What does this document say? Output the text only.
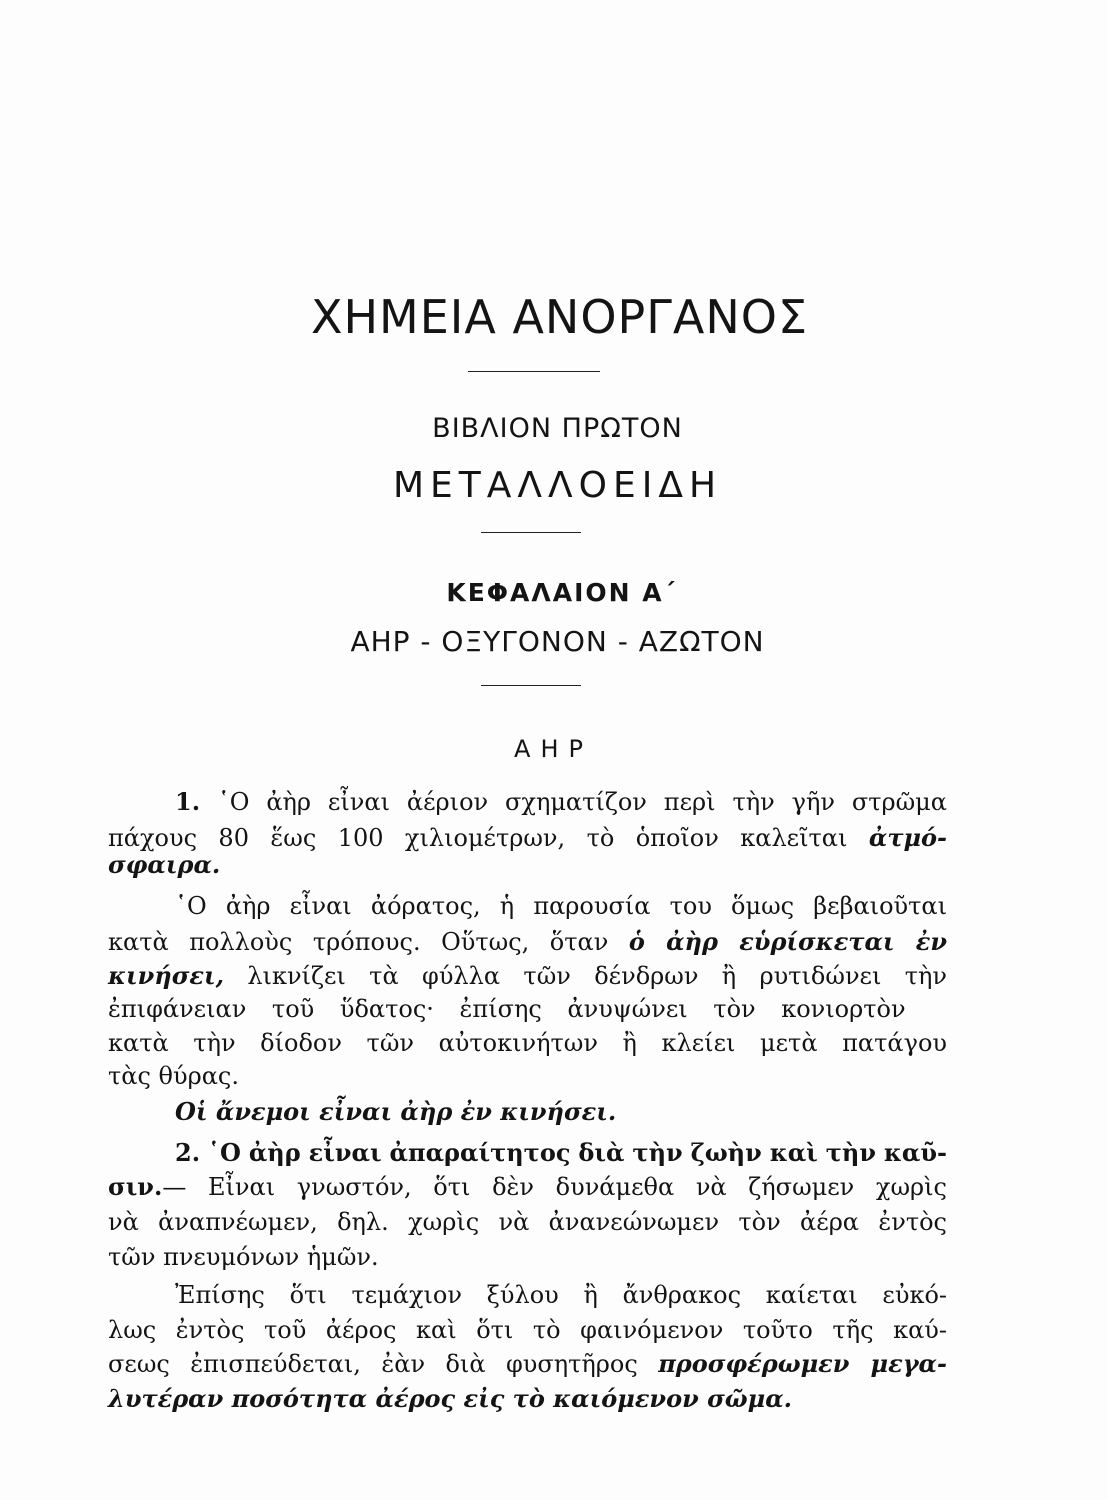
ΧΗΜΕΙΑ ΑΝΟΡΓΑΝΟΣ
ΒΙΒΛΙΟΝ ΠΡΩΤΟΝ
ΜΕΤΑΛΛΟΕΙΔΗ
ΚΕΦΑΛΑΙΟΝ Α΄
ΑΗΡ - ΟΞΥΓΟΝΟΝ - ΑΖΩΤΟΝ
ΑΗΡ
1. ῾Ο ἀὴρ εἶναι ἀέριον σχηματίζον περὶ τὴν γῆν στρῶμα
πάχους 80 ἕως 100 χιλιομέτρων, τὸ ὁποῖον καλεῖται ἀτμό-
σφαιρα.
῾Ο ἀὴρ εἶναι ἀόρατος, ἡ παρουσία του ὅμως βεβαιοῦται
κατὰ πολλοὺς τρόπους. Οὕτως, ὅταν ὁ ἀὴρ εὑρίσκεται ἐν
κινήσει, λικνίζει τὰ φύλλα τῶν δένδρων ἢ ρυτιδώνει τὴν
ἐπιφάνειαν τοῦ ὕδατος· ἐπίσης ἀνυψώνει τὸν κονιορτὸν
κατὰ τὴν δίοδον τῶν αὐτοκινήτων ἢ κλείει μετὰ πατάγου
τὰς θύρας.
Οἱ ἄνεμοι εἶναι ἀὴρ ἐν κινήσει.
2. ῾Ο ἀὴρ εἶναι ἀπαραίτητος διὰ τὴν ζωὴν καὶ τὴν καῦ-
σιν.— Εἶναι γνωστόν, ὅτι δὲν δυνάμεθα νὰ ζήσωμεν χωρὶς
νὰ ἀναπνέωμεν, δηλ. χωρὶς νὰ ἀνανεώνωμεν τὸν ἀέρα ἐντὸς
τῶν πνευμόνων ἡμῶν.
Ἐπίσης ὅτι τεμάχιον ξύλου ἢ ἄνθρακος καίεται εὐκό-
λως ἐντὸς τοῦ ἀέρος καὶ ὅτι τὸ φαινόμενον τοῦτο τῆς καύ-
σεως ἐπισπεύδεται, ἐὰν διὰ φυσητῆρος προσφέρωμεν μεγα-
λυτέραν ποσότητα ἀέρος εἰς τὸ καιόμενον σῶμα.
